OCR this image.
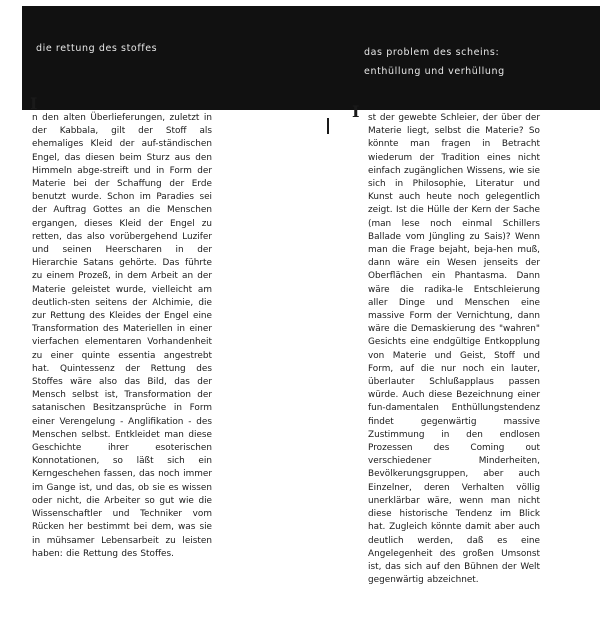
die rettung des stoffes	das problem des scheins:
enthüllung und verhüllung
I

n den alten Überlieferungen, zuletzt in der Kabbala, gilt der Stoff als ehemaliges Kleid der auf-ständischen Engel, das diesen beim Sturz aus den Himmeln abge-streift und in Form der Materie bei der Schaffung der Erde benutzt wurde. Schon im Paradies sei der Auftrag Gottes an die Menschen ergangen, dieses Kleid der Engel zu retten, das also vorübergehend Luzifer und seinen Heerscharen in der Hierarchie Satans gehörte. Das führte zu einem Prozeß, in dem Arbeit an der Materie geleistet wurde, vielleicht am deutlich-sten seitens der Alchimie, die zur Rettung des Kleides der Engel eine Transformation des Materiellen in einer vierfachen elementaren Vorhandenheit zu einer quinte essentia angestrebt hat. Quintessenz der Rettung des Stoffes wäre also das Bild, das der Mensch selbst ist, Transformation der satanischen Besitzansprüche in Form einer Verengelung - Anglifikation - des Menschen selbst. Entkleidet man diese Geschichte ihrer esoterischen Konnotationen, so läßt sich ein Kerngeschehen fassen, das noch immer im Gange ist, und das, ob sie es wissen oder nicht, die Arbeiter so gut wie die Wissenschaftler und Techniker vom Rücken her bestimmt bei dem, was sie in mühsamer Lebensarbeit zu leisten haben: die Rettung des Stoffes.

I st der gewebte Schleier, der über der Materie liegt, selbst die Materie? So könnte man fragen in Betracht wiederum der Tradition eines nicht einfach zugänglichen Wissens, wie sie sich in Philosophie, Literatur und Kunst auch heute noch gelegentlich zeigt. Ist die Hülle der Kern der Sache (man lese noch einmal Schillers Ballade vom Jüngling zu Sais)? Wenn man die Frage bejaht, beja-hen muß, dann wäre ein Wesen jenseits der Oberflächen ein Phantasma. Dann wäre die radika-le Entschleierung aller Dinge und Menschen eine massive Form der Vernichtung, dann wäre die Demaskierung des "wahren" Gesichts eine endgültige Entkopplung von Materie und Geist, Stoff und Form, auf die nur noch ein lauter, überlauter Schlußapplaus passen würde. Auch diese Bezeichnung einer fun-damentalen Enthüllungstendenz findet gegenwärtig massive Zustimmung in den endlosen Prozessen des Coming out verschiedener Minderheiten, Bevölkerungsgruppen, aber auch Einzelner, deren Verhalten völlig unerklärbar wäre, wenn man nicht diese historische Tendenz im Blick hat. Zugleich könnte damit aber auch deutlich werden, daß es eine Angelegenheit des großen Umsonst ist, das sich auf den Bühnen der Welt gegenwärtig abzeichnet.
